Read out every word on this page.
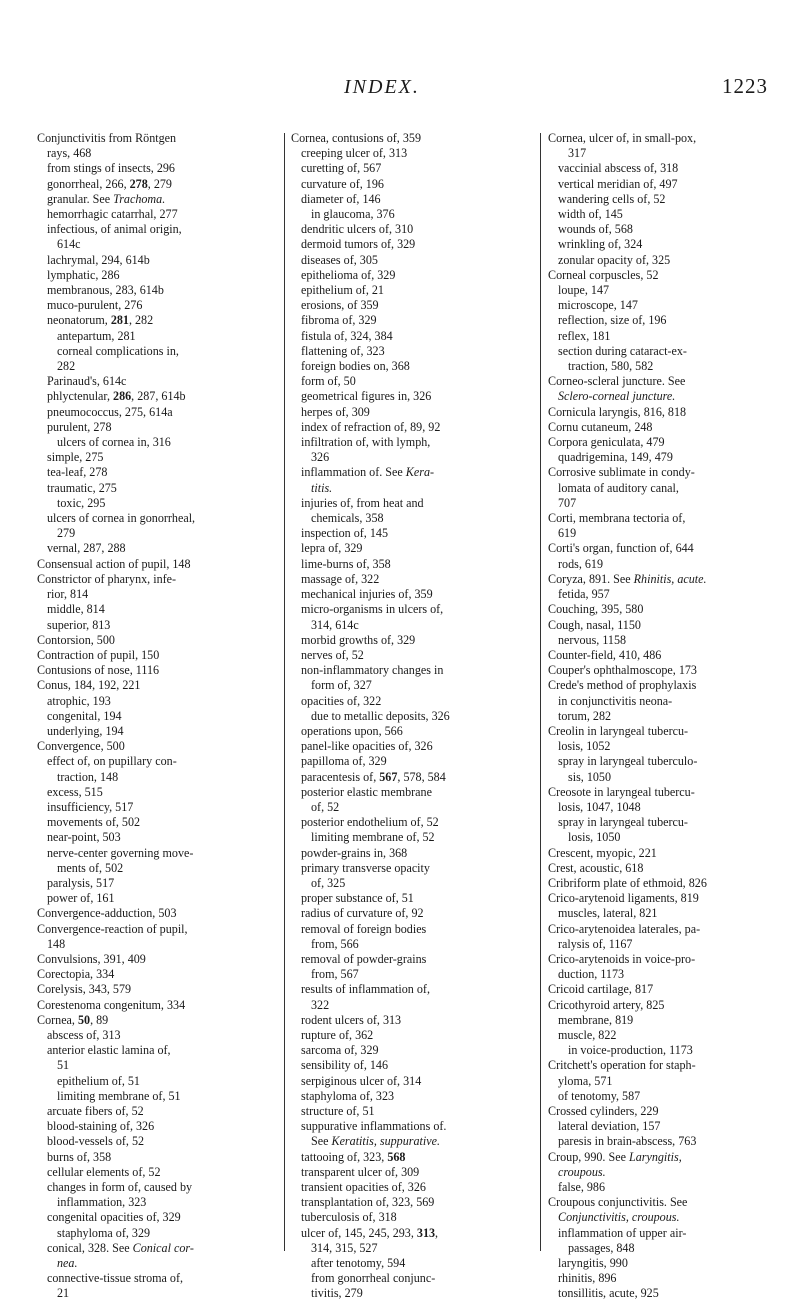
INDEX.	1223
Conjunctivitis from Röntgen
rays, 468
from stings of insects, 296
gonorrheal, 266, 278, 279
granular. See Trachoma.
hemorrhagic catarrhal, 277
infectious, of animal origin,
614c
lachrymal, 294, 614b
lymphatic, 286
membranous, 283, 614b
muco-purulent, 276
neonatorum, 281, 282
antepartum, 281
corneal complications in,
282
Parinaud's, 614c
phlyctenular, 286, 287, 614b
pneumococcus, 275, 614a
purulent, 278
ulcers of cornea in, 316
simple, 275
tea-leaf, 278
traumatic, 275
toxic, 295
ulcers of cornea in gonorrheal,
279
vernal, 287, 288
Consensual action of pupil, 148
Constrictor of pharynx, infe-
rior, 814
middle, 814
superior, 813
Contorsion, 500
Contraction of pupil, 150
Contusions of nose, 1116
Conus, 184, 192, 221
atrophic, 193
congenital, 194
underlying, 194
Convergence, 500
effect of, on pupillary con-
traction, 148
excess, 515
insufficiency, 517
movements of, 502
near-point, 503
nerve-center governing move-
ments of, 502
paralysis, 517
power of, 161
Convergence-adduction, 503
Convergence-reaction of pupil,
148
Convulsions, 391, 409
Corectopia, 334
Corelysis, 343, 579
Corestenoma congenitum, 334
Cornea, 50, 89
abscess of, 313
anterior elastic lamina of,
51
epithelium of, 51
limiting membrane of, 51
arcuate fibers of, 52
blood-staining of, 326
blood-vessels of, 52
burns of, 358
cellular elements of, 52
changes in form of, caused by
inflammation, 323
congenital opacities of, 329
staphyloma of, 329
conical, 328. See Conical cor-
nea.
connective-tissue stroma of,
21
Cornea, contusions of, 359
creeping ulcer of, 313
curetting of, 567
curvature of, 196
diameter of, 146
in glaucoma, 376
dendritic ulcers of, 310
dermoid tumors of, 329
diseases of, 305
epithelioma of, 329
epithelium of, 21
erosions, of 359
fibroma of, 329
fistula of, 324, 384
flattening of, 323
foreign bodies on, 368
form of, 50
geometrical figures in, 326
herpes of, 309
index of refraction of, 89, 92
infiltration of, with lymph,
326
inflammation of. See Kera-
titis.
injuries of, from heat and
chemicals, 358
inspection of, 145
lepra of, 329
lime-burns of, 358
massage of, 322
mechanical injuries of, 359
micro-organisms in ulcers of,
314, 614c
morbid growths of, 329
nerves of, 52
non-inflammatory changes in
form of, 327
opacities of, 322
due to metallic deposits, 326
operations upon, 566
panel-like opacities of, 326
papilloma of, 329
paracentesis of, 567, 578, 584
posterior elastic membrane
of, 52
posterior endothelium of, 52
limiting membrane of, 52
powder-grains in, 368
primary transverse opacity
of, 325
proper substance of, 51
radius of curvature of, 92
removal of foreign bodies
from, 566
removal of powder-grains
from, 567
results of inflammation of,
322
rodent ulcers of, 313
rupture of, 362
sarcoma of, 329
sensibility of, 146
serpiginous ulcer of, 314
staphyloma of, 323
structure of, 51
suppurative inflammations of.
See Keratitis, suppurative.
tattooing of, 323, 568
transparent ulcer of, 309
transient opacities of, 326
transplantation of, 323, 569
tuberculosis of, 318
ulcer of, 145, 245, 293, 313,
314, 315, 527
after tenotomy, 594
from gonorrheal conjunc-
tivitis, 279
Cornea, ulcer of, in small-pox,
317
vaccinial abscess of, 318
vertical meridian of, 497
wandering cells of, 52
width of, 145
wounds of, 568
wrinkling of, 324
zonular opacity of, 325
Corneal corpuscles, 52
loupe, 147
microscope, 147
reflection, size of, 196
reflex, 181
section during cataract-ex-
traction, 580, 582
Corneo-scleral juncture. See
Sclero-corneal juncture.
Cornicula laryngis, 816, 818
Cornu cutaneum, 248
Corpora geniculata, 479
quadrigemina, 149, 479
Corrosive sublimate in condy-
lomata of auditory canal,
707
Corti, membrana tectoria of,
619
Corti's organ, function of, 644
rods, 619
Coryza, 891. See Rhinitis, acute.
fetida, 957
Couching, 395, 580
Cough, nasal, 1150
nervous, 1158
Counter-field, 410, 486
Couper's ophthalmoscope, 173
Crede's method of prophylaxis
in conjunctivitis neona-
torum, 282
Creolin in laryngeal tubercu-
losis, 1052
spray in laryngeal tuberculo-
sis, 1050
Creosote in laryngeal tubercu-
losis, 1047, 1048
spray in laryngeal tubercu-
losis, 1050
Crescent, myopic, 221
Crest, acoustic, 618
Cribriform plate of ethmoid, 826
Crico-arytenoid ligaments, 819
muscles, lateral, 821
Crico-arytenoidea laterales, pa-
ralysis of, 1167
Crico-arytenoids in voice-pro-
duction, 1173
Cricoid cartilage, 817
Cricothyroid artery, 825
membrane, 819
muscle, 822
in voice-production, 1173
Critchett's operation for staph-
yloma, 571
of tenotomy, 587
Crossed cylinders, 229
lateral deviation, 157
paresis in brain-abscess, 763
Croup, 990. See Laryngitis,
croupous.
false, 986
Croupous conjunctivitis. See
Conjunctivitis, croupous.
inflammation of upper air-
passages, 848
laryngitis, 990
rhinitis, 896
tonsillitis, acute, 925
